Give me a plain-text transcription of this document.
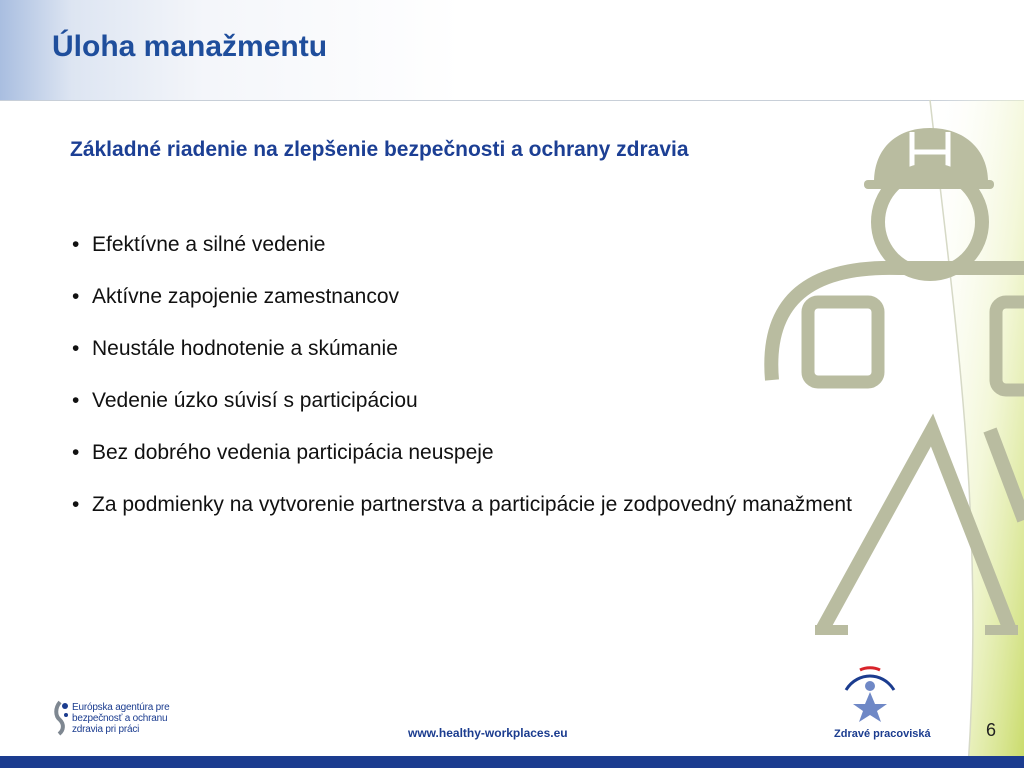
Úloha manažmentu
Základné riadenie na zlepšenie bezpečnosti a ochrany zdravia
• Efektívne a silné vedenie
• Aktívne zapojenie zamestnancov
• Neustále hodnotenie a skúmanie
• Vedenie úzko súvisí s participáciou
• Bez dobrého vedenia participácia neuspeje
• Za podmienky na vytvorenie partnerstva a participácie je zodpovedný manažment
Európska agentúra pre
bezpečnosť a ochranu
zdravia pri práci	www.healthy-workplaces.eu	Zdravé pracoviská	6
